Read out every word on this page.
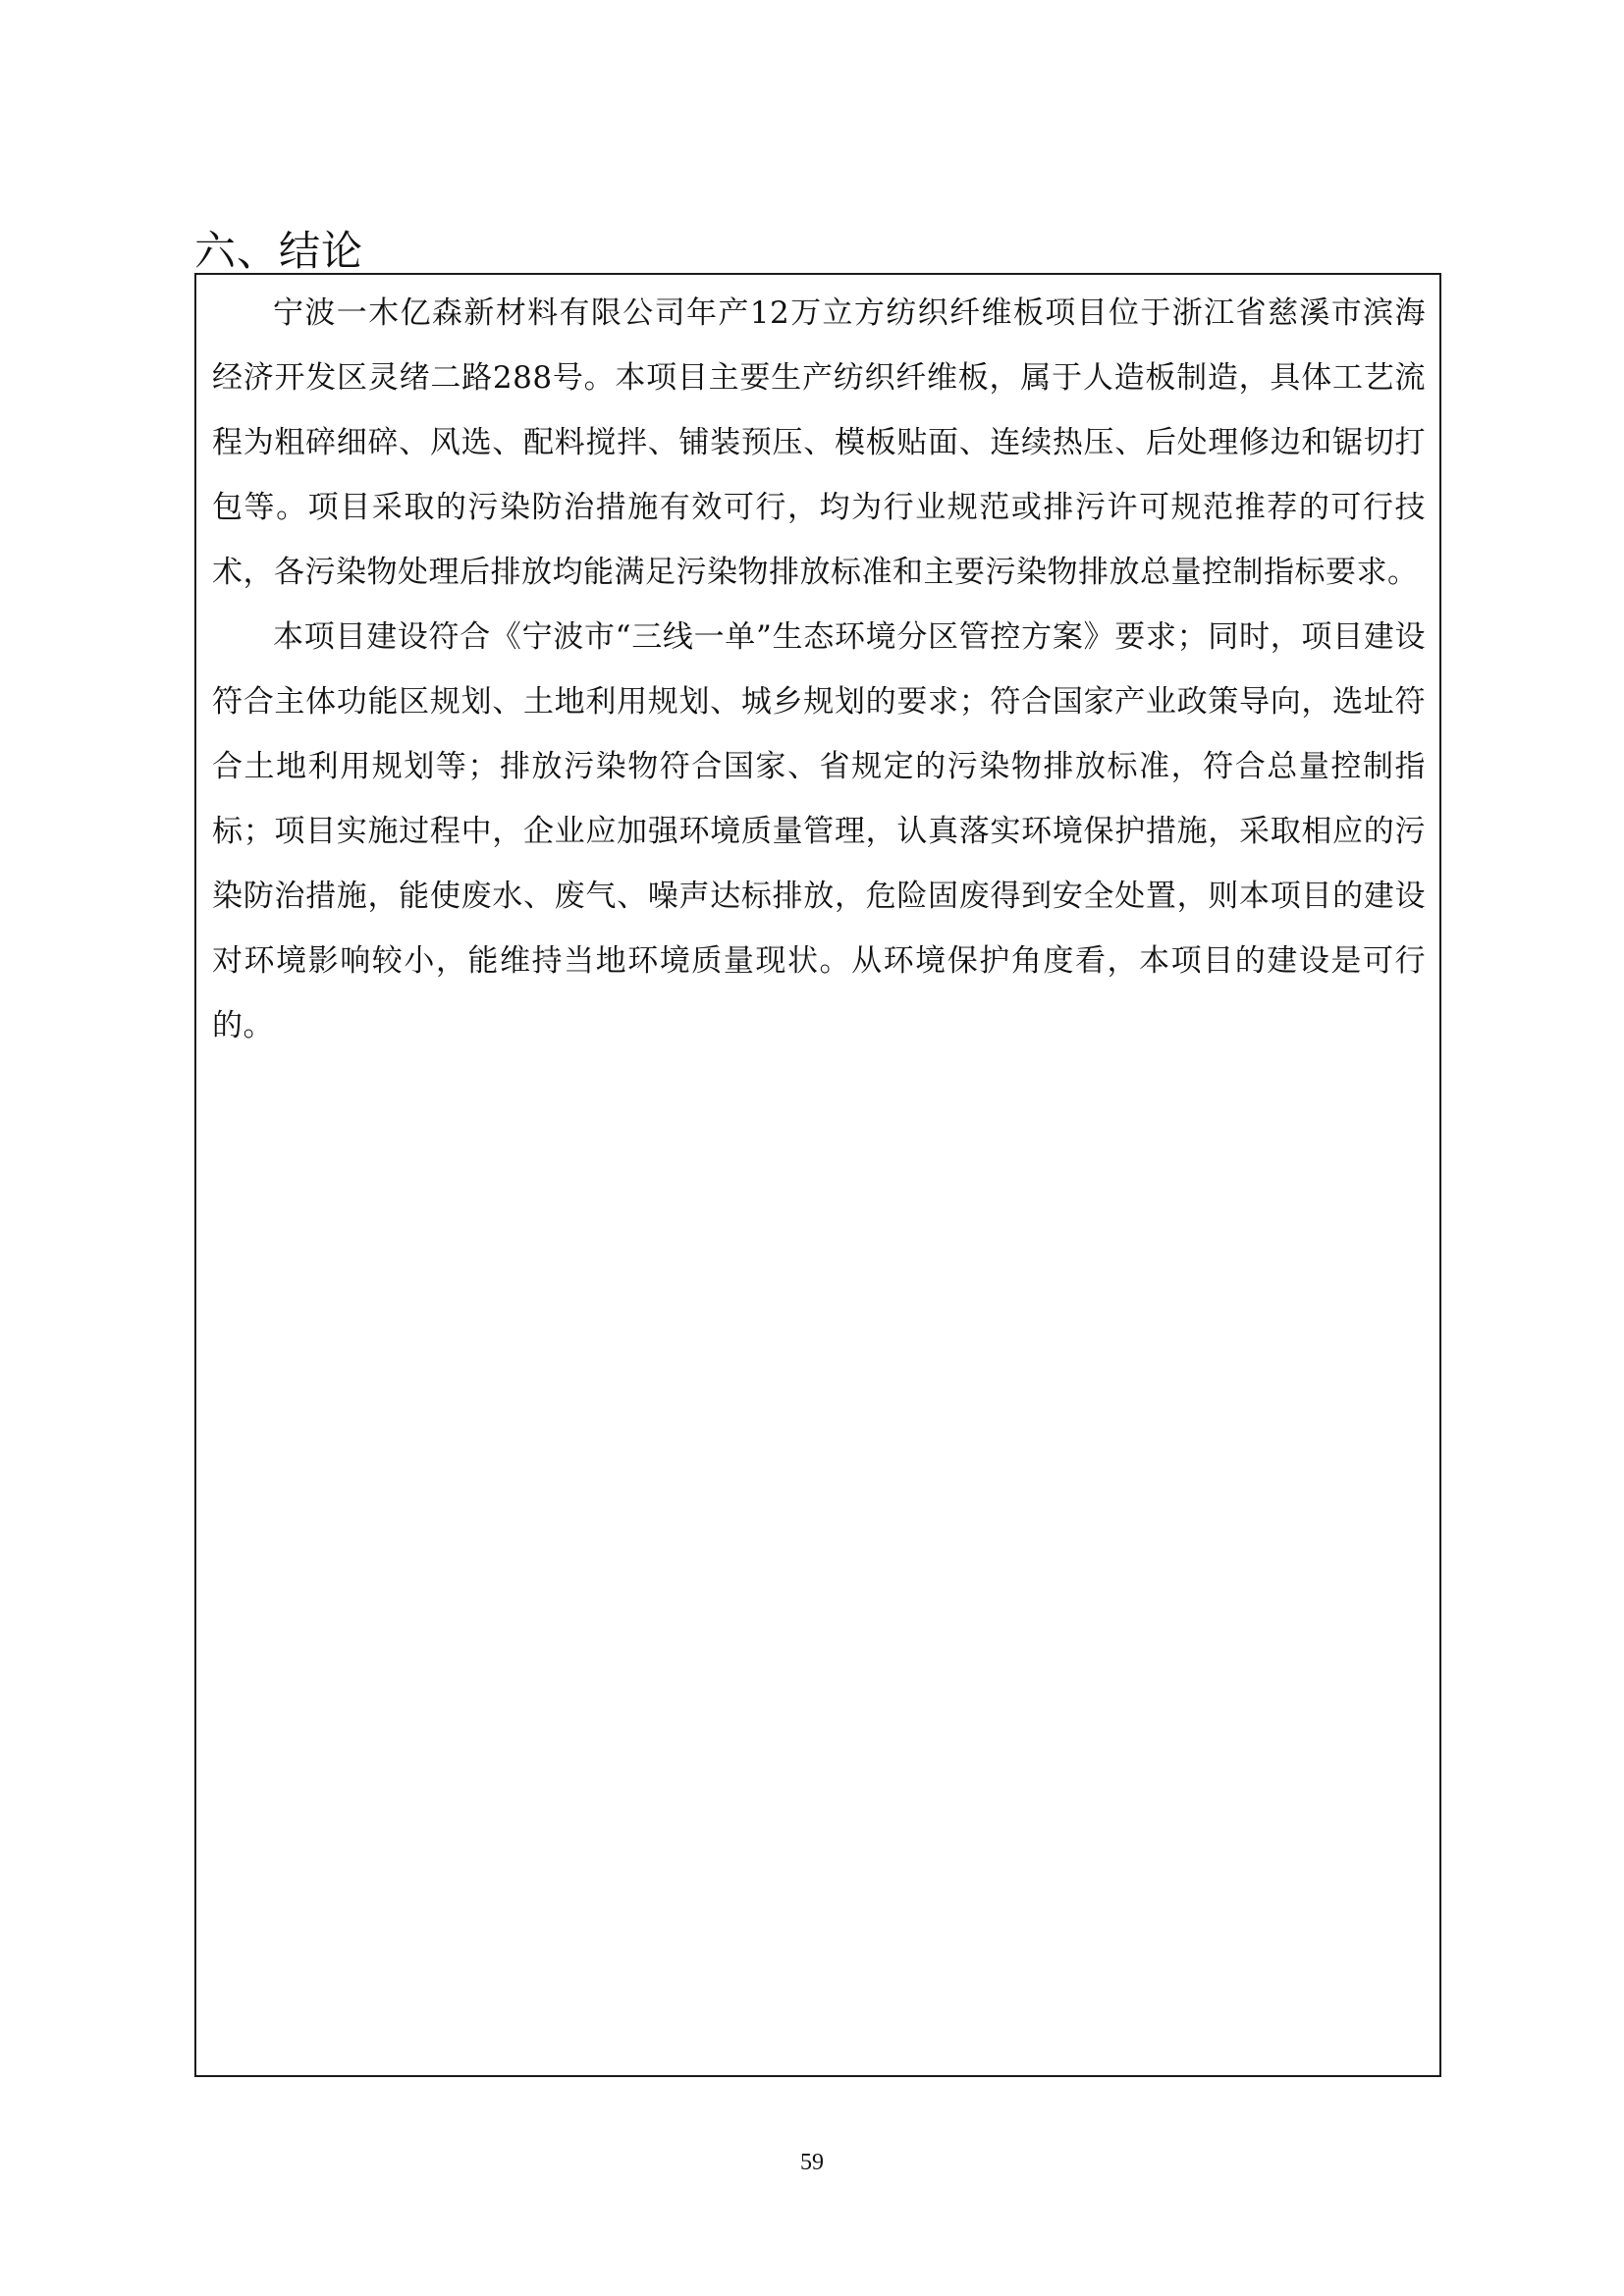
六、结论

宁波一木亿森新材料有限公司年产12万立方纺织纤维板项目位于浙江省慈溪市滨海经济开发区灵绪二路288号。本项目主要生产纺织纤维板，属于人造板制造，具体工艺流程为粗碎细碎、风选、配料搅拌、铺装预压、模板贴面、连续热压、后处理修边和锯切打包等。项目采取的污染防治措施有效可行，均为行业规范或排污许可规范推荐的可行技术，各污染物处理后排放均能满足污染物排放标准和主要污染物排放总量控制指标要求。

本项目建设符合《宁波市“三线一单”生态环境分区管控方案》要求；同时，项目建设符合主体功能区规划、土地利用规划、城乡规划的要求；符合国家产业政策导向，选址符合土地利用规划等；排放污染物符合国家、省规定的污染物排放标准，符合总量控制指标；项目实施过程中，企业应加强环境质量管理，认真落实环境保护措施，采取相应的污染防治措施，能使废水、废气、噪声达标排放，危险固废得到安全处置，则本项目的建设对环境影响较小，能维持当地环境质量现状。从环境保护角度看，本项目的建设是可行的。

59
